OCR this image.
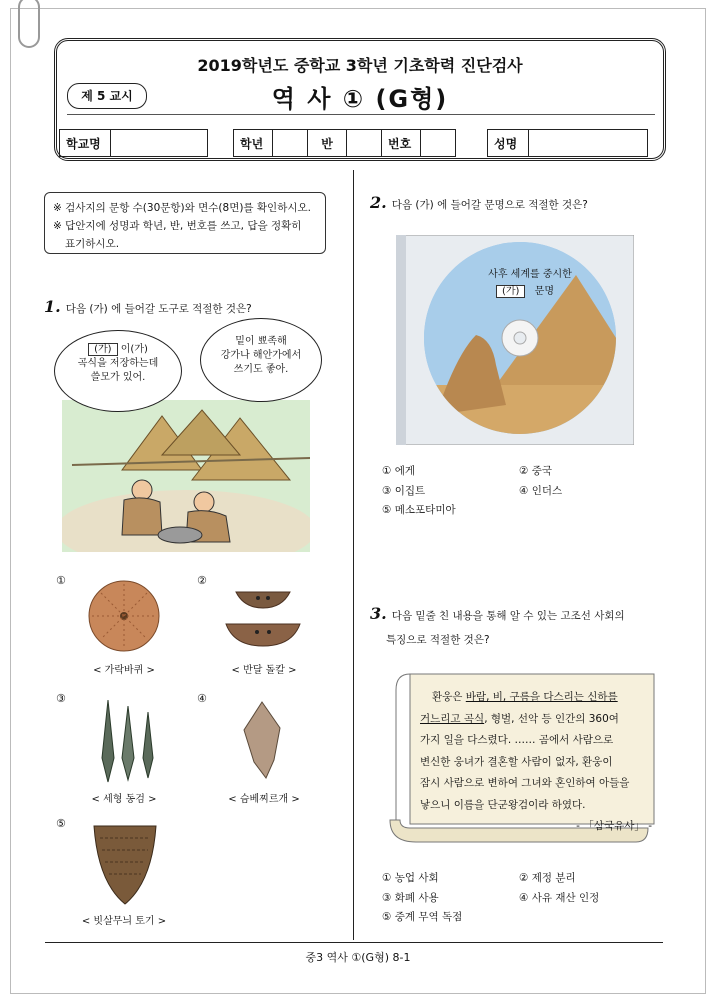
2019학년도 중학교 3학년 기초학력 진단검사
제 5 교시	역 사 ① (G형)
학교명	학년	반	번호	성명

※ 검사지의 문항 수(30문항)와 면수(8면)를 확인하시오.

※ 답안지에 성명과 학년, 반, 번호를 쓰고, 답을 정확히

표기하시오.

1. 다음 (가) 에 들어갈 도구로 적절한 것은?
(가) 이(가)
곡식을 저장하는데
쓸모가 있어.
밑이 뾰족해
강가나 해안가에서
쓰기도 좋아.
①
< 가락바퀴 >
②
< 반달 돌칼 >
③
< 세형 동검 >
④
< 슴베찌르개 >
⑤
< 빗살무늬 토기 >
2. 다음 (가) 에 들어갈 문명으로 적절한 것은?
사후 세계를 중시한
(가) 문명
① 에게	② 중국
③ 이집트	④ 인더스
⑤ 메소포타미아
3. 다음 밑줄 친 내용을 통해 알 수 있는 고조선 사회의
특징으로 적절한 것은?
환웅은 바람, 비, 구름을 다스리는 신하를
거느리고 곡식, 형벌, 선악 등 인간의 360여
가지 일을 다스렸다. …… 곰에서 사람으로
변신한 웅녀가 결혼할 사람이 없자, 환웅이
잠시 사람으로 변하여 그녀와 혼인하여 아들을
낳으니 이름을 단군왕검이라 하였다.
- 「삼국유사」 -
① 농업 사회	② 제정 분리
③ 화폐 사용	④ 사유 재산 인정
⑤ 중계 무역 독점
중3 역사 ①(G형) 8-1
